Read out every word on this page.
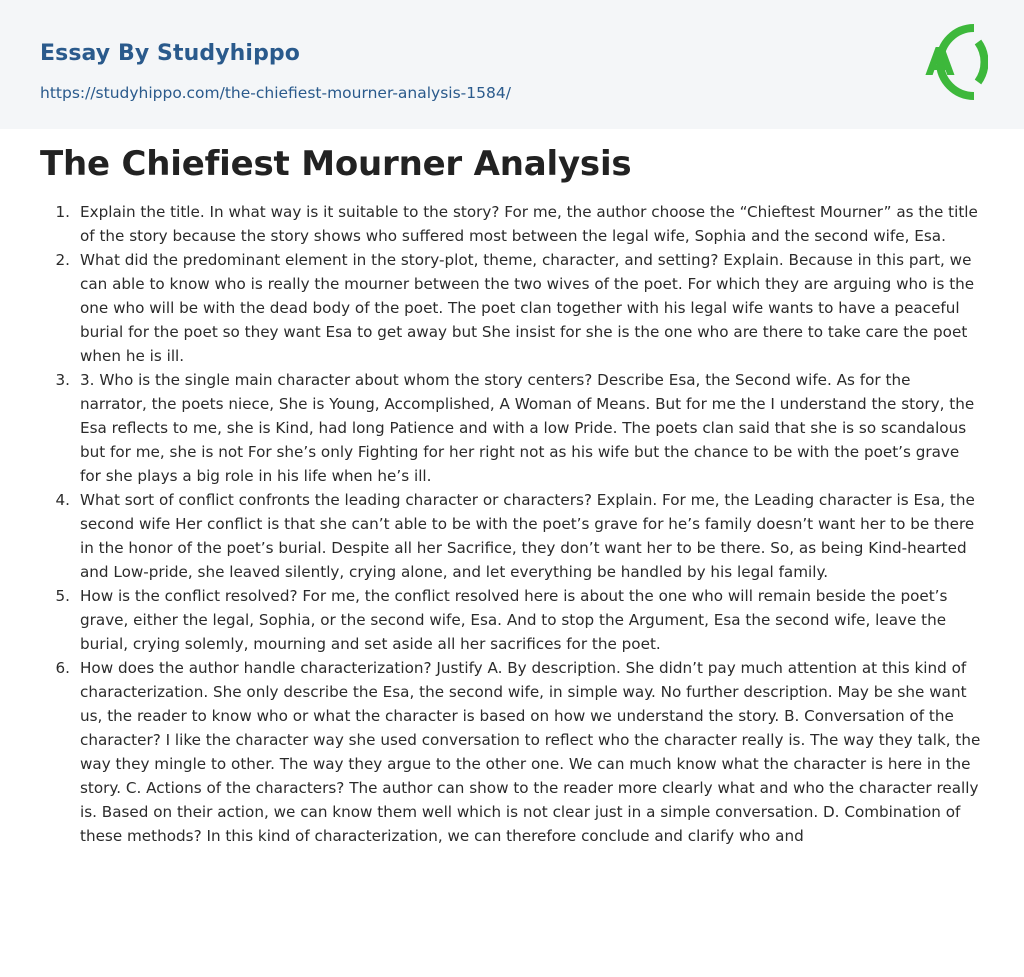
Essay By Studyhippo
https://studyhippo.com/the-chiefiest-mourner-analysis-1584/
A
The Chiefiest Mourner Analysis
1. Explain the title. In what way is it suitable to the story? For me, the author choose the “Chieftest Mourner” as the title of the story because the story shows who suffered most between the legal wife, Sophia and the second wife, Esa.
2. What did the predominant element in the story-plot, theme, character, and setting? Explain. Because in this part, we can able to know who is really the mourner between the two wives of the poet. For which they are arguing who is the one who will be with the dead body of the poet. The poet clan together with his legal wife wants to have a peaceful burial for the poet so they want Esa to get away but She insist for she is the one who are there to take care the poet when he is ill.
3. 3. Who is the single main character about whom the story centers? Describe Esa, the Second wife. As for the narrator, the poets niece, She is Young, Accomplished, A Woman of Means. But for me the I understand the story, the Esa reflects to me, she is Kind, had long Patience and with a low Pride. The poets clan said that she is so scandalous but for me, she is not For she’s only Fighting for her right not as his wife but the chance to be with the poet’s grave for she plays a big role in his life when he’s ill.
4. What sort of conflict confronts the leading character or characters? Explain. For me, the Leading character is Esa, the second wife Her conflict is that she can’t able to be with the poet’s grave for he’s family doesn’t want her to be there in the honor of the poet’s burial. Despite all her Sacrifice, they don’t want her to be there. So, as being Kind-hearted and Low-pride, she leaved silently, crying alone, and let everything be handled by his legal family.
5. How is the conflict resolved? For me, the conflict resolved here is about the one who will remain beside the poet’s grave, either the legal, Sophia, or the second wife, Esa. And to stop the Argument, Esa the second wife, leave the burial, crying solemly, mourning and set aside all her sacrifices for the poet.
6. How does the author handle characterization? Justify A. By description. She didn’t pay much attention at this kind of characterization. She only describe the Esa, the second wife, in simple way. No further description. May be she want us, the reader to know who or what the character is based on how we understand the story. B. Conversation of the character? I like the character way she used conversation to reflect who the character really is. The way they talk, the way they mingle to other. The way they argue to the other one. We can much know what the character is here in the story. C. Actions of the characters? The author can show to the reader more clearly what and who the character really is. Based on their action, we can know them well which is not clear just in a simple conversation. D. Combination of these methods? In this kind of characterization, we can therefore conclude and clarify who and
